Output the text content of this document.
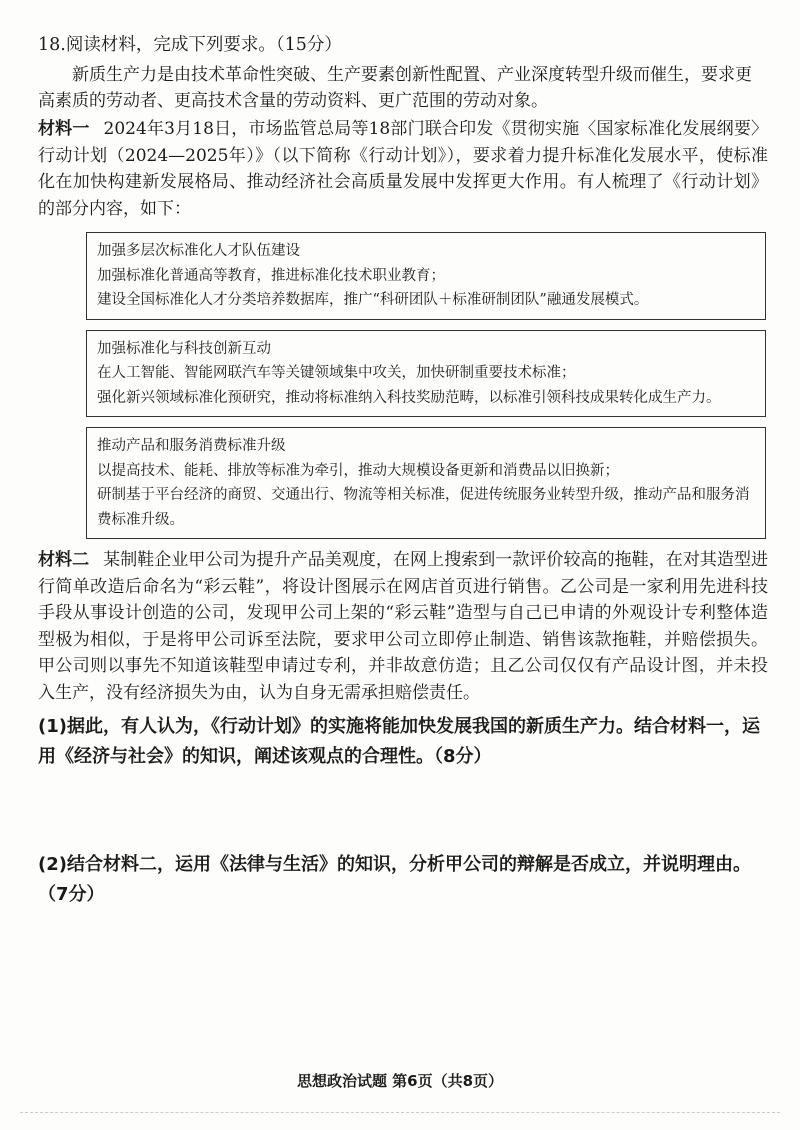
18.阅读材料，完成下列要求。（15分）
新质生产力是由技术革命性突破、生产要素创新性配置、产业深度转型升级而催生，要求更高素质的劳动者、更高技术含量的劳动资料、更广范围的劳动对象。
材料一 2024年3月18日，市场监管总局等18部门联合印发《贯彻实施〈国家标准化发展纲要〉行动计划（2024—2025年）》（以下简称《行动计划》），要求着力提升标准化发展水平，使标准化在加快构建新发展格局、推动经济社会高质量发展中发挥更大作用。有人梳理了《行动计划》的部分内容，如下：
加强多层次标准化人才队伍建设
加强标准化普通高等教育，推进标准化技术职业教育；
建设全国标准化人才分类培养数据库，推广“科研团队＋标准研制团队”融通发展模式。
加强标准化与科技创新互动
在人工智能、智能网联汽车等关键领域集中攻关，加快研制重要技术标准；
强化新兴领域标准化预研究，推动将标准纳入科技奖励范畴，以标准引领科技成果转化成生产力。
推动产品和服务消费标准升级
以提高技术、能耗、排放等标准为牵引，推动大规模设备更新和消费品以旧换新；
研制基于平台经济的商贸、交通出行、物流等相关标准，促进传统服务业转型升级，推动产品和服务消费标准升级。
材料二 某制鞋企业甲公司为提升产品美观度，在网上搜索到一款评价较高的拖鞋，在对其造型进行简单改造后命名为“彩云鞋”，将设计图展示在网店首页进行销售。乙公司是一家利用先进科技手段从事设计创造的公司，发现甲公司上架的“彩云鞋”造型与自己已申请的外观设计专利整体造型极为相似，于是将甲公司诉至法院，要求甲公司立即停止制造、销售该款拖鞋，并赔偿损失。甲公司则以事先不知道该鞋型申请过专利，并非故意仿造；且乙公司仅仅有产品设计图，并未投入生产，没有经济损失为由，认为自身无需承担赔偿责任。
(1)据此，有人认为，《行动计划》的实施将能加快发展我国的新质生产力。结合材料一，运用《经济与社会》的知识，阐述该观点的合理性。（8分）
(2)结合材料二，运用《法律与生活》的知识，分析甲公司的辩解是否成立，并说明理由。（7分）
思想政治试题 第6页（共8页）
